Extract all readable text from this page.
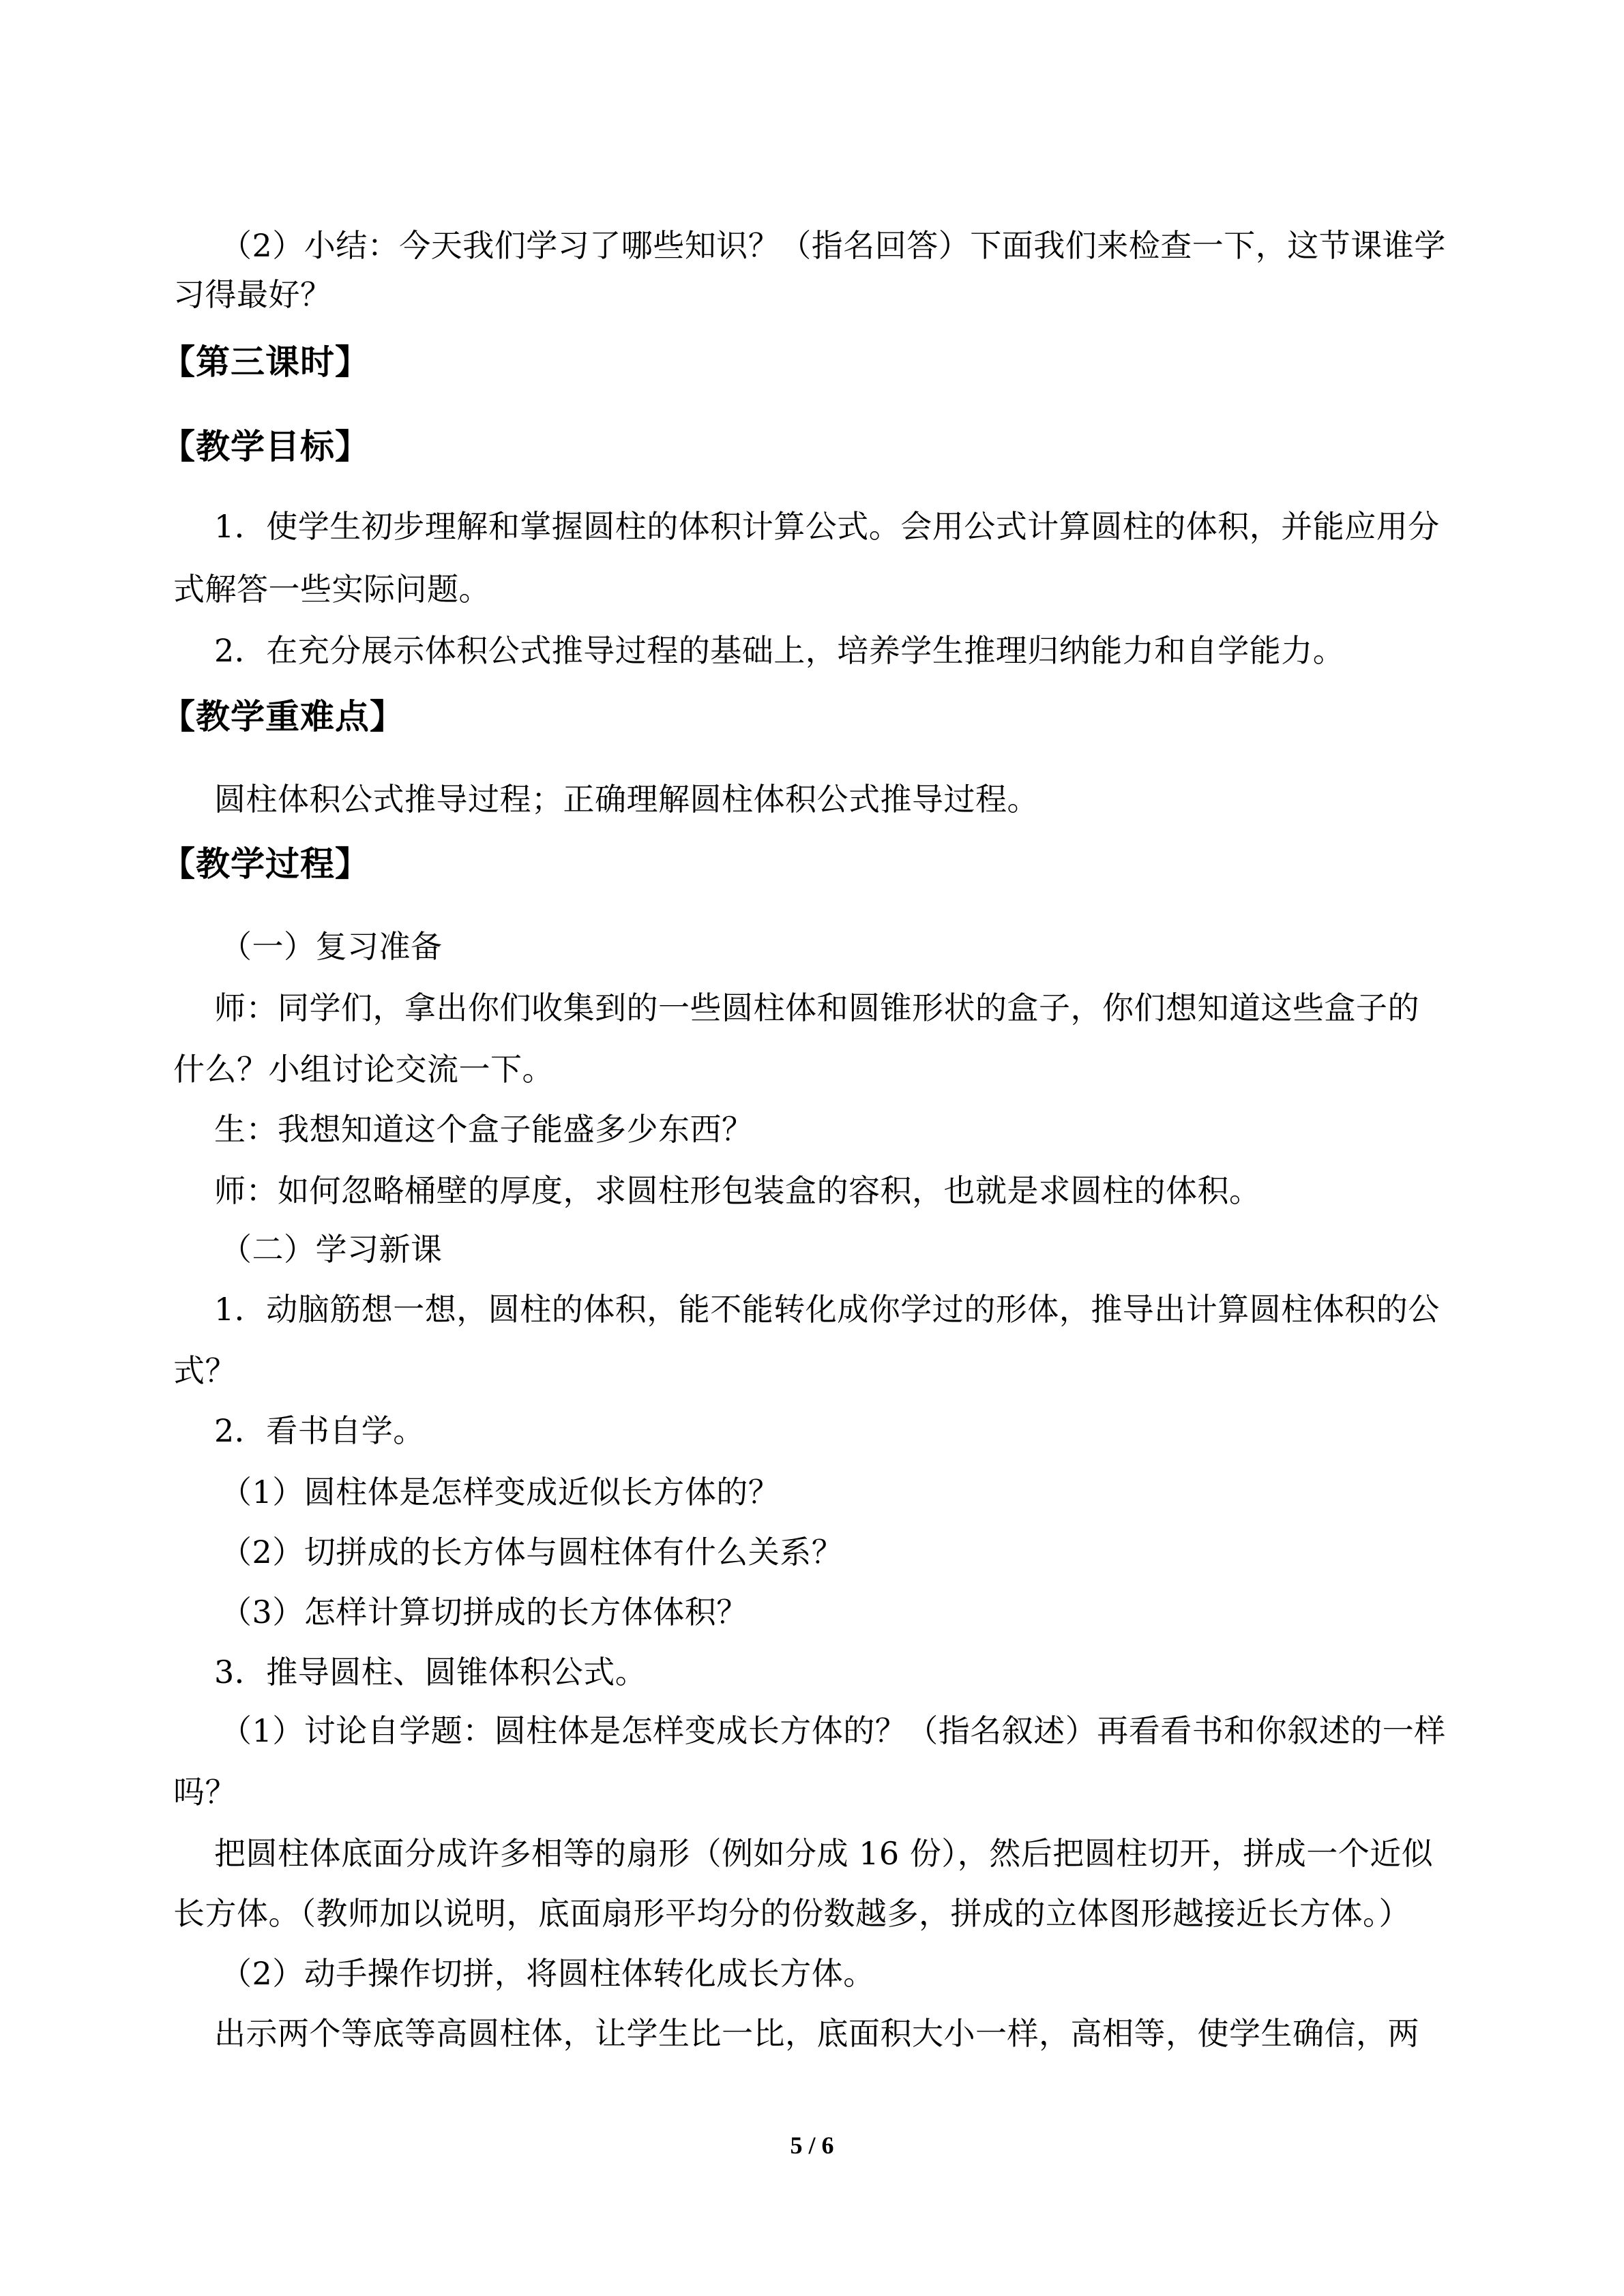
（2）小结：今天我们学习了哪些知识？（指名回答）下面我们来检查一下，这节课谁学
习得最好？
【第三课时】
【教学目标】
1．使学生初步理解和掌握圆柱的体积计算公式。会用公式计算圆柱的体积，并能应用分
式解答一些实际问题。
2．在充分展示体积公式推导过程的基础上，培养学生推理归纳能力和自学能力。
【教学重难点】
圆柱体积公式推导过程；正确理解圆柱体积公式推导过程。
【教学过程】
（一）复习准备
师：同学们，拿出你们收集到的一些圆柱体和圆锥形状的盒子，你们想知道这些盒子的
什么？小组讨论交流一下。
生：我想知道这个盒子能盛多少东西？
师：如何忽略桶壁的厚度，求圆柱形包装盒的容积，也就是求圆柱的体积。
（二）学习新课
1．动脑筋想一想，圆柱的体积，能不能转化成你学过的形体，推导出计算圆柱体积的公
式？
2．看书自学。
（1）圆柱体是怎样变成近似长方体的？
（2）切拼成的长方体与圆柱体有什么关系？
（3）怎样计算切拼成的长方体体积？
3．推导圆柱、圆锥体积公式。
（1）讨论自学题：圆柱体是怎样变成长方体的？（指名叙述）再看看书和你叙述的一样
吗？
把圆柱体底面分成许多相等的扇形（例如分成 16 份），然后把圆柱切开，拼成一个近似
长方体。（教师加以说明，底面扇形平均分的份数越多，拼成的立体图形越接近长方体。）
（2）动手操作切拼，将圆柱体转化成长方体。
出示两个等底等高圆柱体，让学生比一比，底面积大小一样，高相等，使学生确信，两
5 / 6
